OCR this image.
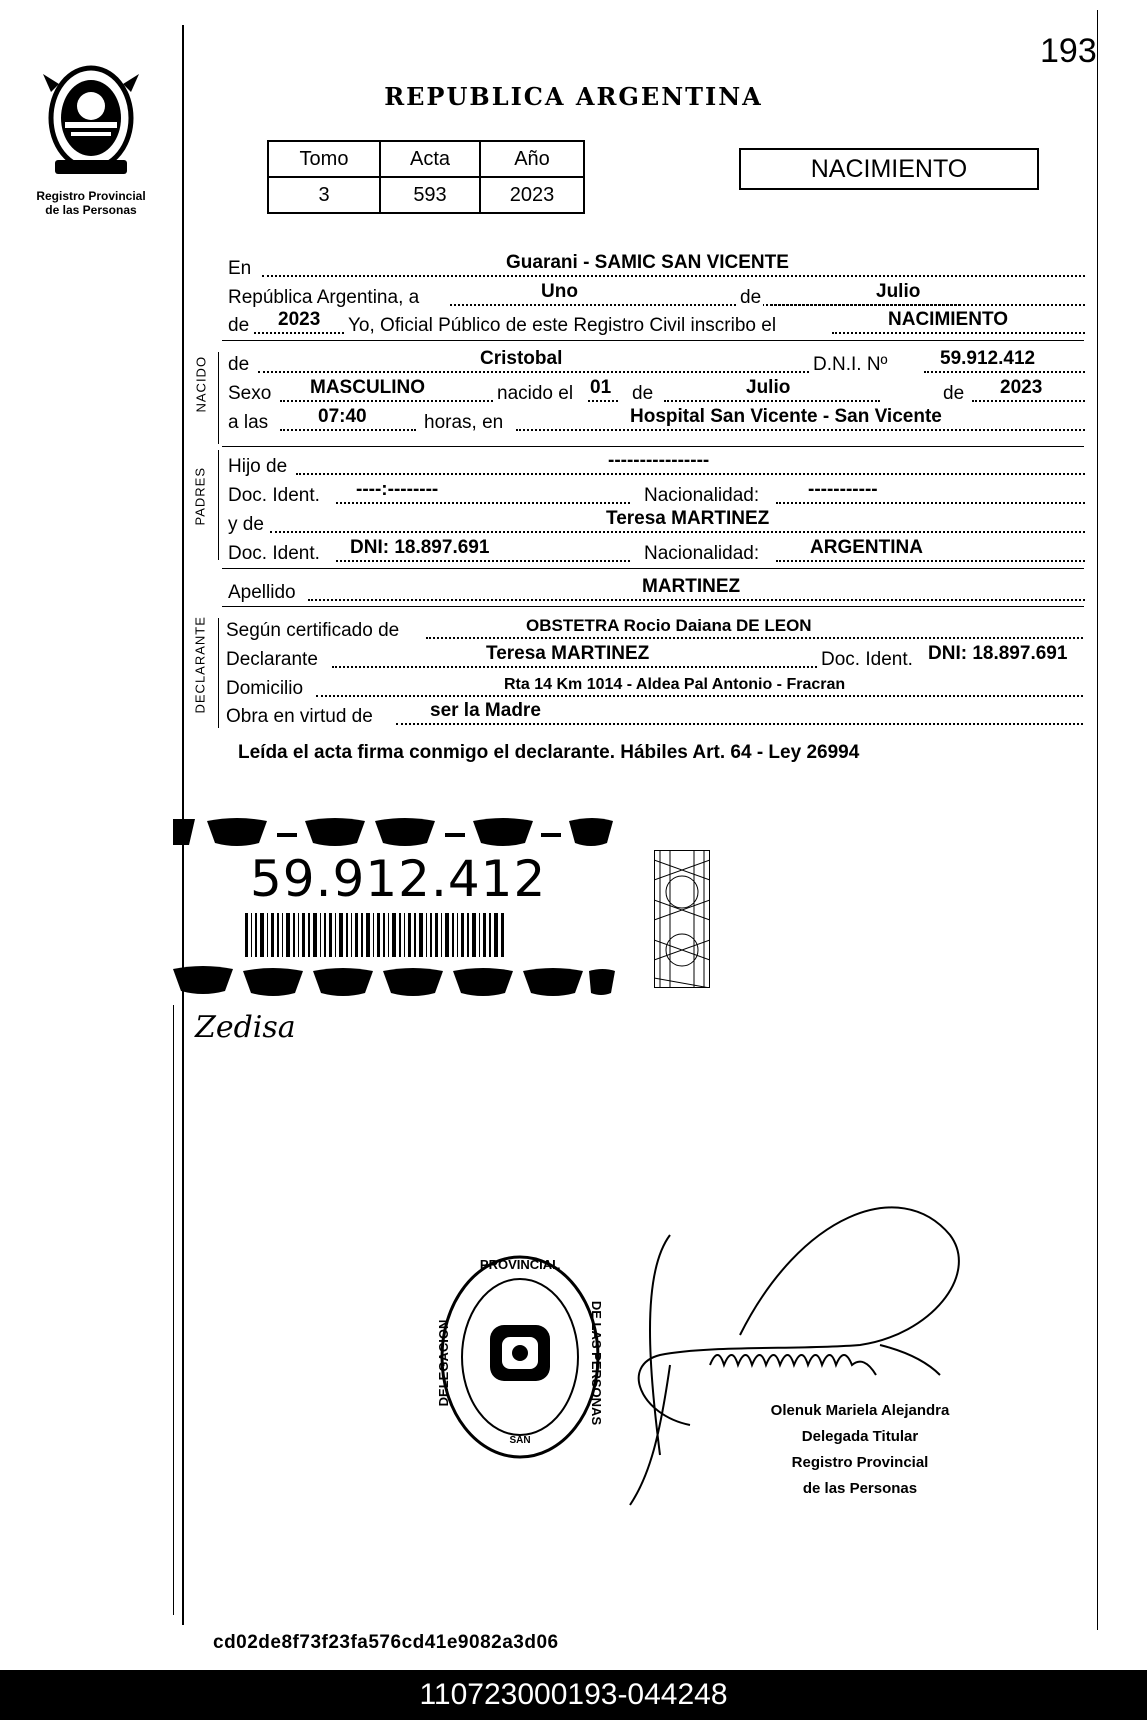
193
REPUBLICA ARGENTINA
Registro Provincial
de las Personas
Tomo	Acta	Año
3	593	2023
NACIMIENTO
NACIDO
PADRES
DECLARANTE
En	Guarani - SAMIC SAN VICENTE
República Argentina, a	Uno	de	Julio
de 2023 Yo, Oficial Público de este Registro Civil inscribo el	NACIMIENTO
de	Cristobal	D.N.I. Nº	59.912.412
Sexo MASCULINO	nacido el 01 de	Julio	de 2023
a las	07:40	horas, en	Hospital San Vicente - San Vicente
Hijo de	----------------
Doc. Ident. ----:--------	Nacionalidad:	-----------
y de	Teresa MARTINEZ
Doc. Ident. DNI: 18.897.691	Nacionalidad:	ARGENTINA
Apellido	MARTINEZ
Según certificado de	OBSTETRA Rocio Daiana DE LEON
Declarante	Teresa MARTINEZ	Doc. Ident. DNI: 18.897.691
Domicilio	Rta 14 Km 1014 - Aldea Pal Antonio - Fracran
Obra en virtud de	ser la Madre
Leída el acta firma conmigo el declarante. Hábiles Art. 64 - Ley 26994
59.912.412
Zedisa
SAN
PROVINCIAL
DELEGACION	DE LAS PERSONAS	Olenuk Mariela Alejandra
Delegada Titular
Registro Provincial
de las Personas
cd02de8f73f23fa576cd41e9082a3d06
110723000193-044248
